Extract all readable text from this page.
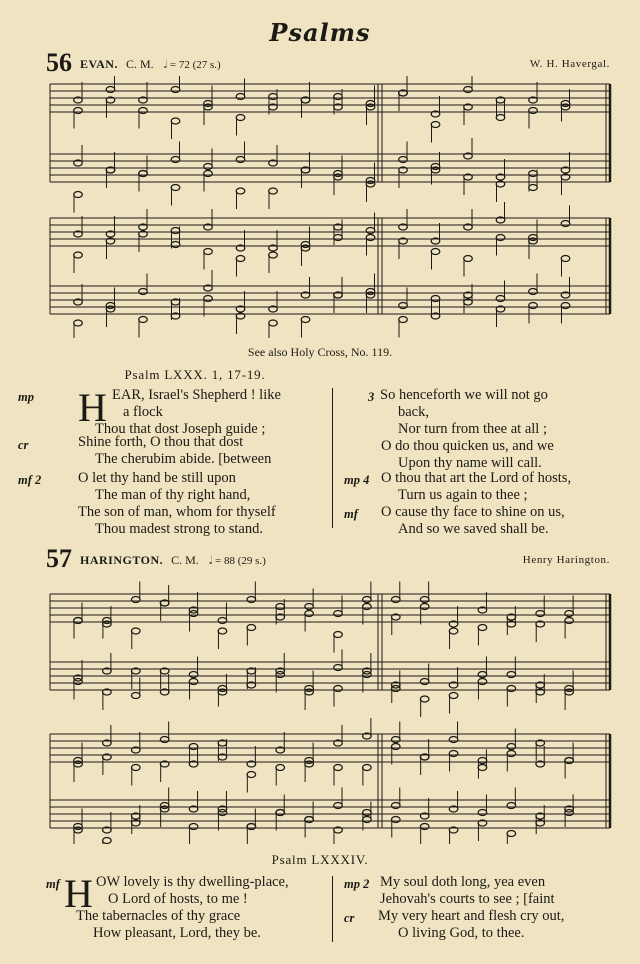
Psalms
56 EVAN. C. M. 𝅗𝅥 = 72 (27 s.)	W. H. Havergal.
See also Holy Cross, No. 119.
Psalm LXXX. 1, 17-19.
mp H EAR, Israel's Shepherd ! like
a flock
Thou that dost Joseph guide ;
cr	Shine forth, O thou that dost
The cherubim abide. [between
mf 2	O let thy hand be still upon
The man of thy right hand,
The son of man, whom for thyself
Thou madest strong to stand.
3 So henceforth we will not go
back,
Nor turn from thee at all ;
O do thou quicken us, and we
Upon thy name will call.
mp 4 O thou that art the Lord of hosts,
Turn us again to thee ;
mf O cause thy face to shine on us,
And so we saved shall be.
57 HARINGTON. C. M. 𝅗𝅥 = 88 (29 s.)	Henry Harington.
Psalm LXXXIV.
mf H OW lovely is thy dwelling-place,
O Lord of hosts, to me !
The tabernacles of thy grace
How pleasant, Lord, they be.
mp 2 My soul doth long, yea even
Jehovah's courts to see ; [faint
cr My very heart and flesh cry out,
O living God, to thee.
